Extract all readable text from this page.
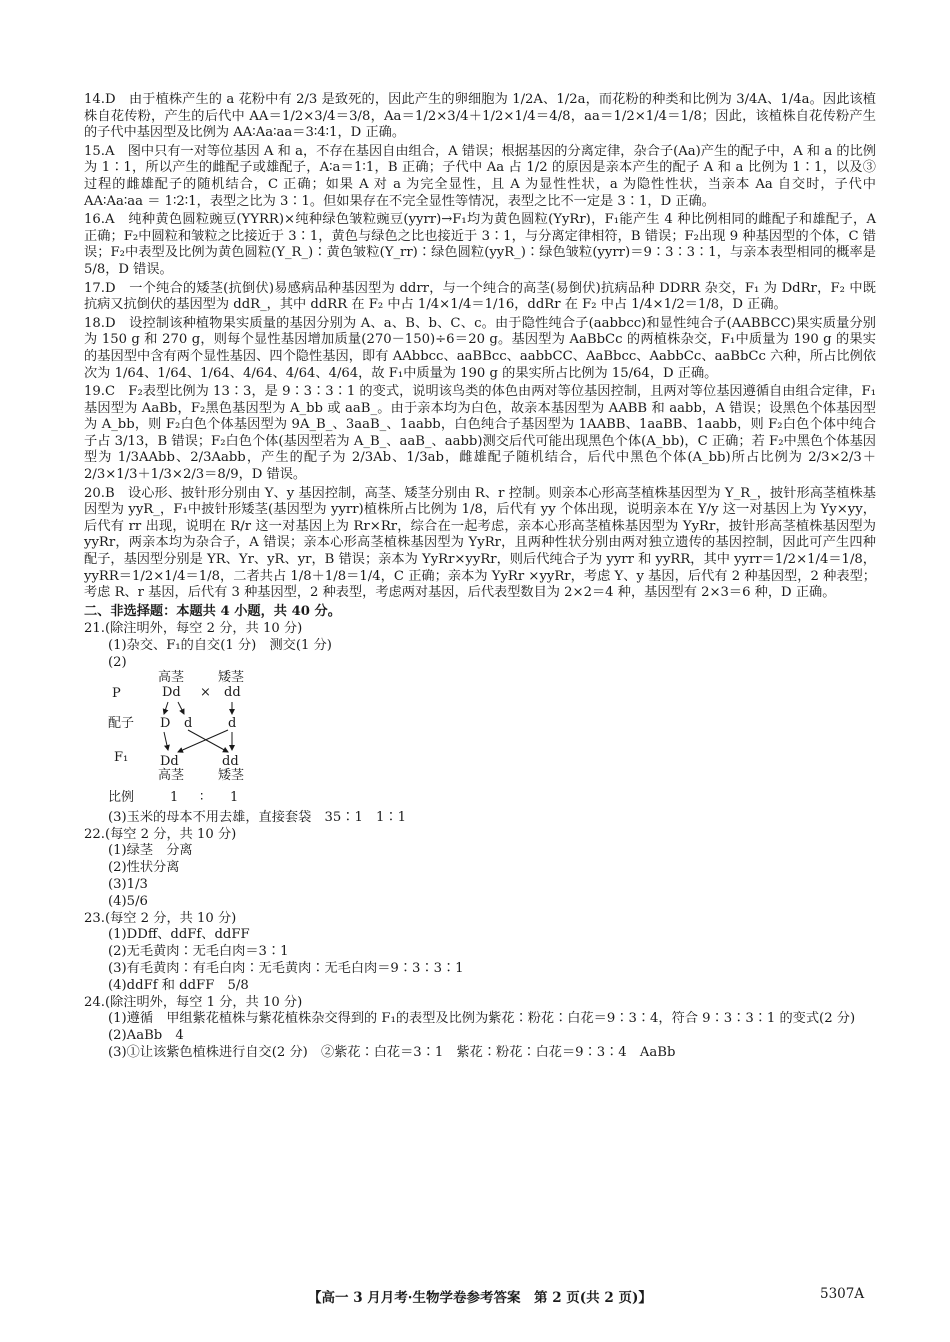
14.D　由于植株产生的 a 花粉中有 2/3 是致死的，因此产生的卵细胞为 1/2A、1/2a，而花粉的种类和比例为 3/4A、1/4a。因此该植株自花传粉，产生的后代中 AA＝1/2×3/4＝3/8，Aa＝1/2×3/4＋1/2×1/4＝4/8，aa＝1/2×1/4＝1/8；因此，该植株自花传粉产生的子代中基因型及比例为 AA∶Aa∶aa＝3∶4∶1，D 正确。

15.A　图中只有一对等位基因 A 和 a，不存在基因自由组合，A 错误；根据基因的分离定律，杂合子(Aa)产生的配子中，A 和 a 的比例为 1∶1，所以产生的雌配子或雄配子，A∶a＝1∶1，B 正确；子代中 Aa 占 1/2 的原因是亲本产生的配子 A 和 a 比例为 1∶1，以及③过程的雌雄配子的随机结合，C 正确；如果 A 对 a 为完全显性，且 A 为显性性状，a 为隐性性状，当亲本 Aa 自交时，子代中 AA∶Aa∶aa ＝ 1∶2∶1，表型之比为 3∶1。但如果存在不完全显性等情况，表型之比不一定是 3∶1，D 正确。

16.A　纯种黄色圆粒豌豆(YYRR)×纯种绿色皱粒豌豆(yyrr)→F₁均为黄色圆粒(YyRr)，F₁能产生 4 种比例相同的雌配子和雄配子，A 正确；F₂中圆粒和皱粒之比接近于 3∶1，黄色与绿色之比也接近于 3∶1，与分离定律相符，B 错误；F₂出现 9 种基因型的个体，C 错误；F₂中表型及比例为黄色圆粒(Y_R_)∶黄色皱粒(Y_rr)∶绿色圆粒(yyR_)∶绿色皱粒(yyrr)＝9∶3∶3∶1，与亲本表型相同的概率是 5/8，D 错误。

17.D　一个纯合的矮茎(抗倒伏)易感病品种基因型为 ddrr，与一个纯合的高茎(易倒伏)抗病品种 DDRR 杂交，F₁ 为 DdRr，F₂ 中既抗病又抗倒伏的基因型为 ddR_，其中 ddRR 在 F₂ 中占 1/4×1/4＝1/16，ddRr 在 F₂ 中占 1/4×1/2＝1/8，D 正确。

18.D　设控制该种植物果实质量的基因分别为 A、a、B、b、C、c。由于隐性纯合子(aabbcc)和显性纯合子(AABBCC)果实质量分别为 150 g 和 270 g，则每个显性基因增加质量(270－150)÷6＝20 g。基因型为 AaBbCc 的两植株杂交，F₁中质量为 190 g 的果实的基因型中含有两个显性基因、四个隐性基因，即有 AAbbcc、aaBBcc、aabbCC、AaBbcc、AabbCc、aaBbCc 六种，所占比例依次为 1/64、1/64、1/64、4/64、4/64、4/64，故 F₁中质量为 190 g 的果实所占比例为 15/64，D 正确。

19.C　F₂表型比例为 13∶3，是 9∶3∶3∶1 的变式，说明该鸟类的体色由两对等位基因控制，且两对等位基因遵循自由组合定律，F₁基因型为 AaBb，F₂黑色基因型为 A_bb 或 aaB_。由于亲本均为白色，故亲本基因型为 AABB 和 aabb，A 错误；设黑色个体基因型为 A_bb，则 F₂白色个体基因型为 9A_B_、3aaB_、1aabb，白色纯合子基因型为 1AABB、1aaBB、1aabb，则 F₂白色个体中纯合子占 3/13，B 错误；F₂白色个体(基因型若为 A_B_、aaB_、aabb)测交后代可能出现黑色个体(A_bb)，C 正确；若 F₂中黑色个体基因型为 1/3AAbb、2/3Aabb，产生的配子为 2/3Ab、1/3ab，雌雄配子随机结合，后代中黑色个体(A_bb)所占比例为 2/3×2/3＋2/3×1/3＋1/3×2/3＝8/9，D 错误。

20.B　设心形、披针形分别由 Y、y 基因控制，高茎、矮茎分别由 R、r 控制。则亲本心形高茎植株基因型为 Y_R_，披针形高茎植株基因型为 yyR_，F₁中披针形矮茎(基因型为 yyrr)植株所占比例为 1/8，后代有 yy 个体出现，说明亲本在 Y/y 这一对基因上为 Yy×yy，后代有 rr 出现，说明在 R/r 这一对基因上为 Rr×Rr，综合在一起考虑，亲本心形高茎植株基因型为 YyRr，披针形高茎植株基因型为 yyRr，两亲本均为杂合子，A 错误；亲本心形高茎植株基因型为 YyRr，且两种性状分别由两对独立遗传的基因控制，因此可产生四种配子，基因型分别是 YR、Yr、yR、yr，B 错误；亲本为 YyRr×yyRr，则后代纯合子为 yyrr 和 yyRR，其中 yyrr＝1/2×1/4＝1/8，yyRR＝1/2×1/4＝1/8，二者共占 1/8＋1/8＝1/4，C 正确；亲本为 YyRr ×yyRr，考虑 Y、y 基因，后代有 2 种基因型，2 种表型；考虑 R、r 基因，后代有 3 种基因型，2 种表型，考虑两对基因，后代表型数目为 2×2＝4 种，基因型有 2×3＝6 种，D 正确。

二、非选择题：本题共 4 小题，共 40 分。
21.(除注明外，每空 2 分，共 10 分)
(1)杂交、F₁的自交(1 分)　测交(1 分)
(2)
P
高茎	矮茎
Dd × dd
配子 D d	d
F₁ Dd	dd
高茎	矮茎
比例	1 ∶ 1
(3)玉米的母本不用去雄，直接套袋　35∶1　1∶1
22.(每空 2 分，共 10 分)
(1)绿茎　分离
(2)性状分离
(3)1/3
(4)5/6
23.(每空 2 分，共 10 分)
(1)DDff、ddFf、ddFF
(2)无毛黄肉∶无毛白肉＝3∶1
(3)有毛黄肉∶有毛白肉∶无毛黄肉∶无毛白肉＝9∶3∶3∶1
(4)ddFf 和 ddFF　5/8
24.(除注明外，每空 1 分，共 10 分)
(1)遵循　甲组紫花植株与紫花植株杂交得到的 F₁的表型及比例为紫花∶粉花∶白花＝9∶3∶4，符合 9∶3∶3∶1 的变式(2 分)
(2)AaBb　4
(3)①让该紫色植株进行自交(2 分)　②紫花∶白花＝3∶1　紫花∶粉花∶白花＝9∶3∶4　AaBb
【高一 3 月月考·生物学卷参考答案　第 2 页(共 2 页)】	5307A
